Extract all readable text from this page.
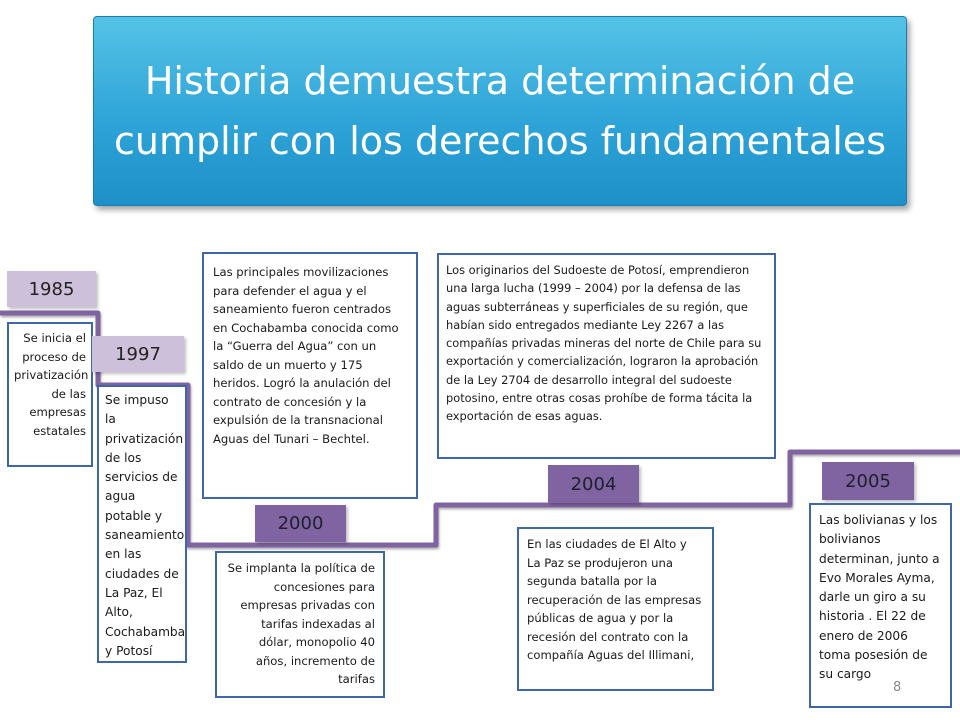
Historia demuestra determinación de cumplir con los derechos fundamentales
1985
Se inicia el proceso de privatización de las empresas estatales
1997
Se impuso la privatización de los servicios de agua potable y saneamiento en las ciudades de La Paz, El Alto, Cochabamba y Potosí
Las principales movilizaciones para defender el agua y el saneamiento fueron centrados en Cochabamba conocida como la “Guerra del Agua” con un saldo de un muerto y 175 heridos. Logró la anulación del contrato de concesión y la expulsión de la transnacional Aguas del Tunari – Bechtel.
2000
Se implanta la política de concesiones para empresas privadas con tarifas indexadas al dólar, monopolio 40 años, incremento de tarifas
Los originarios del Sudoeste de Potosí, emprendieron una larga lucha (1999 – 2004) por la defensa de las aguas subterráneas y superficiales de su región, que habían sido entregados mediante Ley 2267 a las compañías privadas mineras del norte de Chile para su exportación y comercialización, lograron la aprobación de la Ley 2704 de desarrollo integral del sudoeste potosino, entre otras cosas prohíbe de forma tácita la exportación de esas aguas.
2004
En las ciudades de El Alto y La Paz se produjeron una segunda batalla por la recuperación de las empresas públicas de agua y por la recesión del contrato con la compañía Aguas del Illimani,
2005
Las bolivianas y los bolivianos determinan, junto a Evo Morales Ayma, darle un giro a su historia . El 22 de enero de 2006 toma posesión de su cargo
8
